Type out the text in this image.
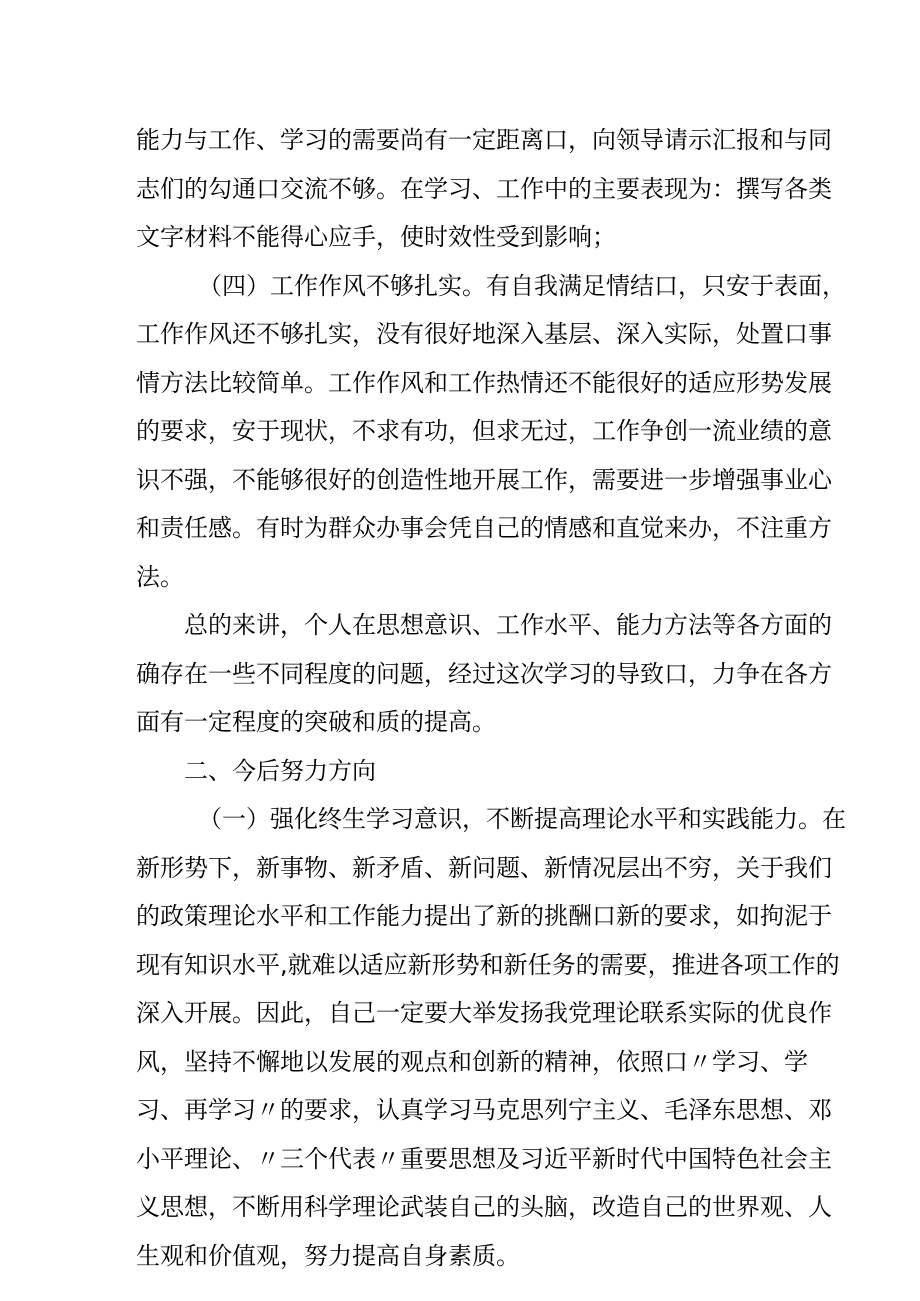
能力与工作、学习的需要尚有一定距离口，向领导请示汇报和与同
志们的勾通口交流不够。在学习、工作中的主要表现为：撰写各类
文字材料不能得心应手，使时效性受到影响；
（四）工作作风不够扎实。有自我满足情结口，只安于表面，
工作作风还不够扎实，没有很好地深入基层、深入实际，处置口事
情方法比较简单。工作作风和工作热情还不能很好的适应形势发展
的要求，安于现状，不求有功，但求无过，工作争创一流业绩的意
识不强，不能够很好的创造性地开展工作，需要进一步增强事业心
和责任感。有时为群众办事会凭自己的情感和直觉来办，不注重方
法。
总的来讲，个人在思想意识、工作水平、能力方法等各方面的
确存在一些不同程度的问题，经过这次学习的导致口，力争在各方
面有一定程度的突破和质的提高。
二、今后努力方向
（一）强化终生学习意识，不断提高理论水平和实践能力。在
新形势下，新事物、新矛盾、新问题、新情况层出不穷，关于我们
的政策理论水平和工作能力提出了新的挑酬口新的要求，如拘泥于
现有知识水平,就难以适应新形势和新任务的需要，推进各项工作的
深入开展。因此，自己一定要大举发扬我党理论联系实际的优良作
风，坚持不懈地以发展的观点和创新的精神，依照口〃学习、学
习、再学习〃的要求，认真学习马克思列宁主义、毛泽东思想、邓
小平理论、〃三个代表〃重要思想及习近平新时代中国特色社会主
义思想，不断用科学理论武装自己的头脑，改造自己的世界观、人
生观和价值观，努力提高自身素质。
